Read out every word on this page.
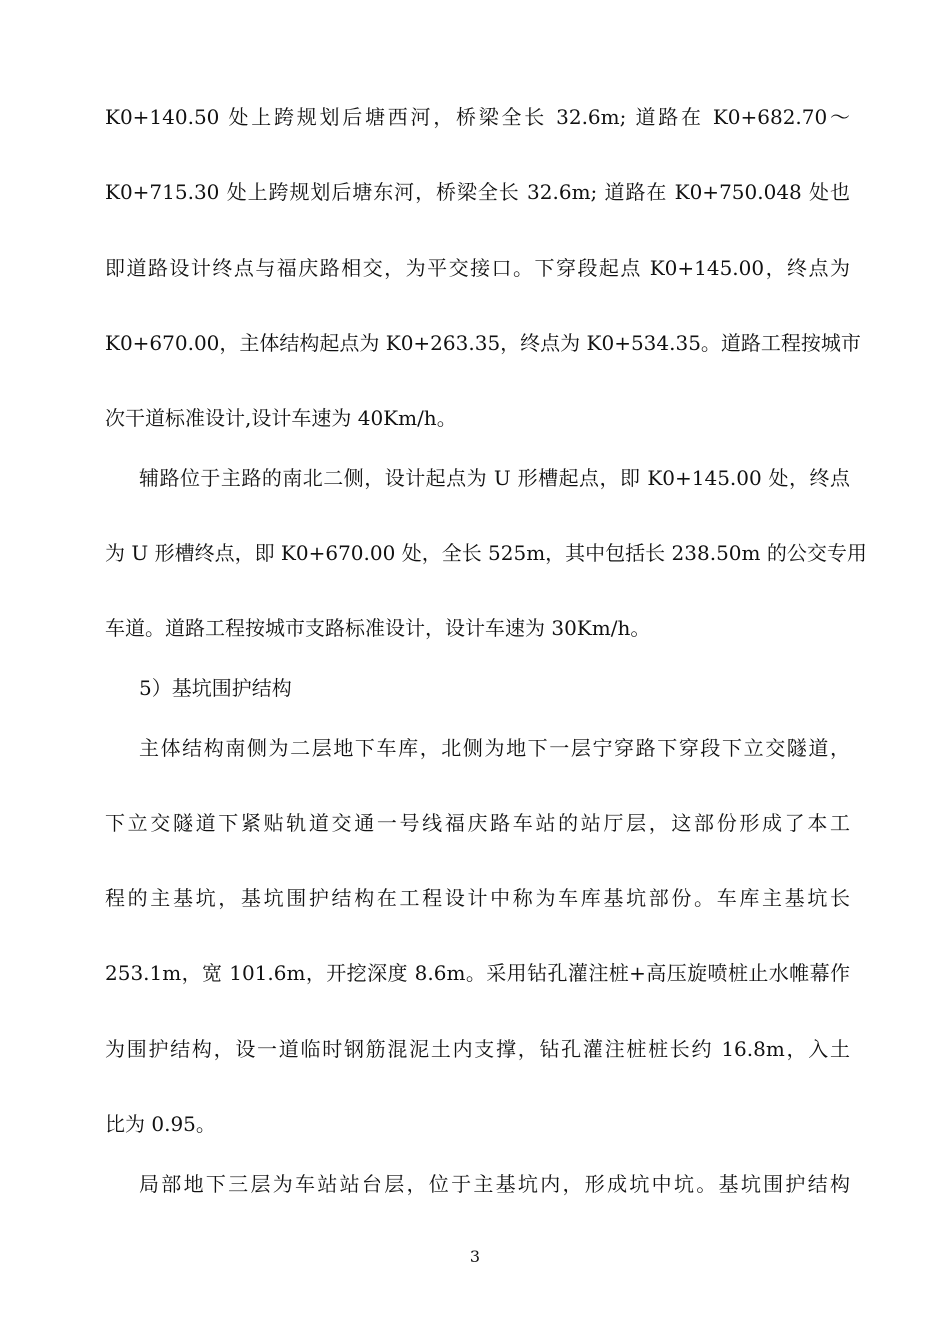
K0+140.50 处上跨规划后塘西河，桥梁全长 32.6m; 道路在 K0+682.70～
K0+715.30 处上跨规划后塘东河，桥梁全长 32.6m; 道路在 K0+750.048 处也
即道路设计终点与福庆路相交，为平交接口。下穿段起点 K0+145.00，终点为
K0+670.00，主体结构起点为 K0+263.35，终点为 K0+534.35。道路工程按城市
次干道标准设计,设计车速为 40Km/h。
辅路位于主路的南北二侧，设计起点为 U 形槽起点，即 K0+145.00 处，终点
为 U 形槽终点，即 K0+670.00 处，全长 525m，其中包括长 238.50m 的公交专用
车道。道路工程按城市支路标准设计，设计车速为 30Km/h。
5）基坑围护结构
主体结构南侧为二层地下车库，北侧为地下一层宁穿路下穿段下立交隧道，
下立交隧道下紧贴轨道交通一号线福庆路车站的站厅层，这部份形成了本工
程的主基坑，基坑围护结构在工程设计中称为车库基坑部份。车库主基坑长
253.1m，宽 101.6m，开挖深度 8.6m。采用钻孔灌注桩+高压旋喷桩止水帷幕作
为围护结构，设一道临时钢筋混泥土内支撑，钻孔灌注桩桩长约 16.8m，入土
比为 0.95。
局部地下三层为车站站台层，位于主基坑内，形成坑中坑。基坑围护结构
3
